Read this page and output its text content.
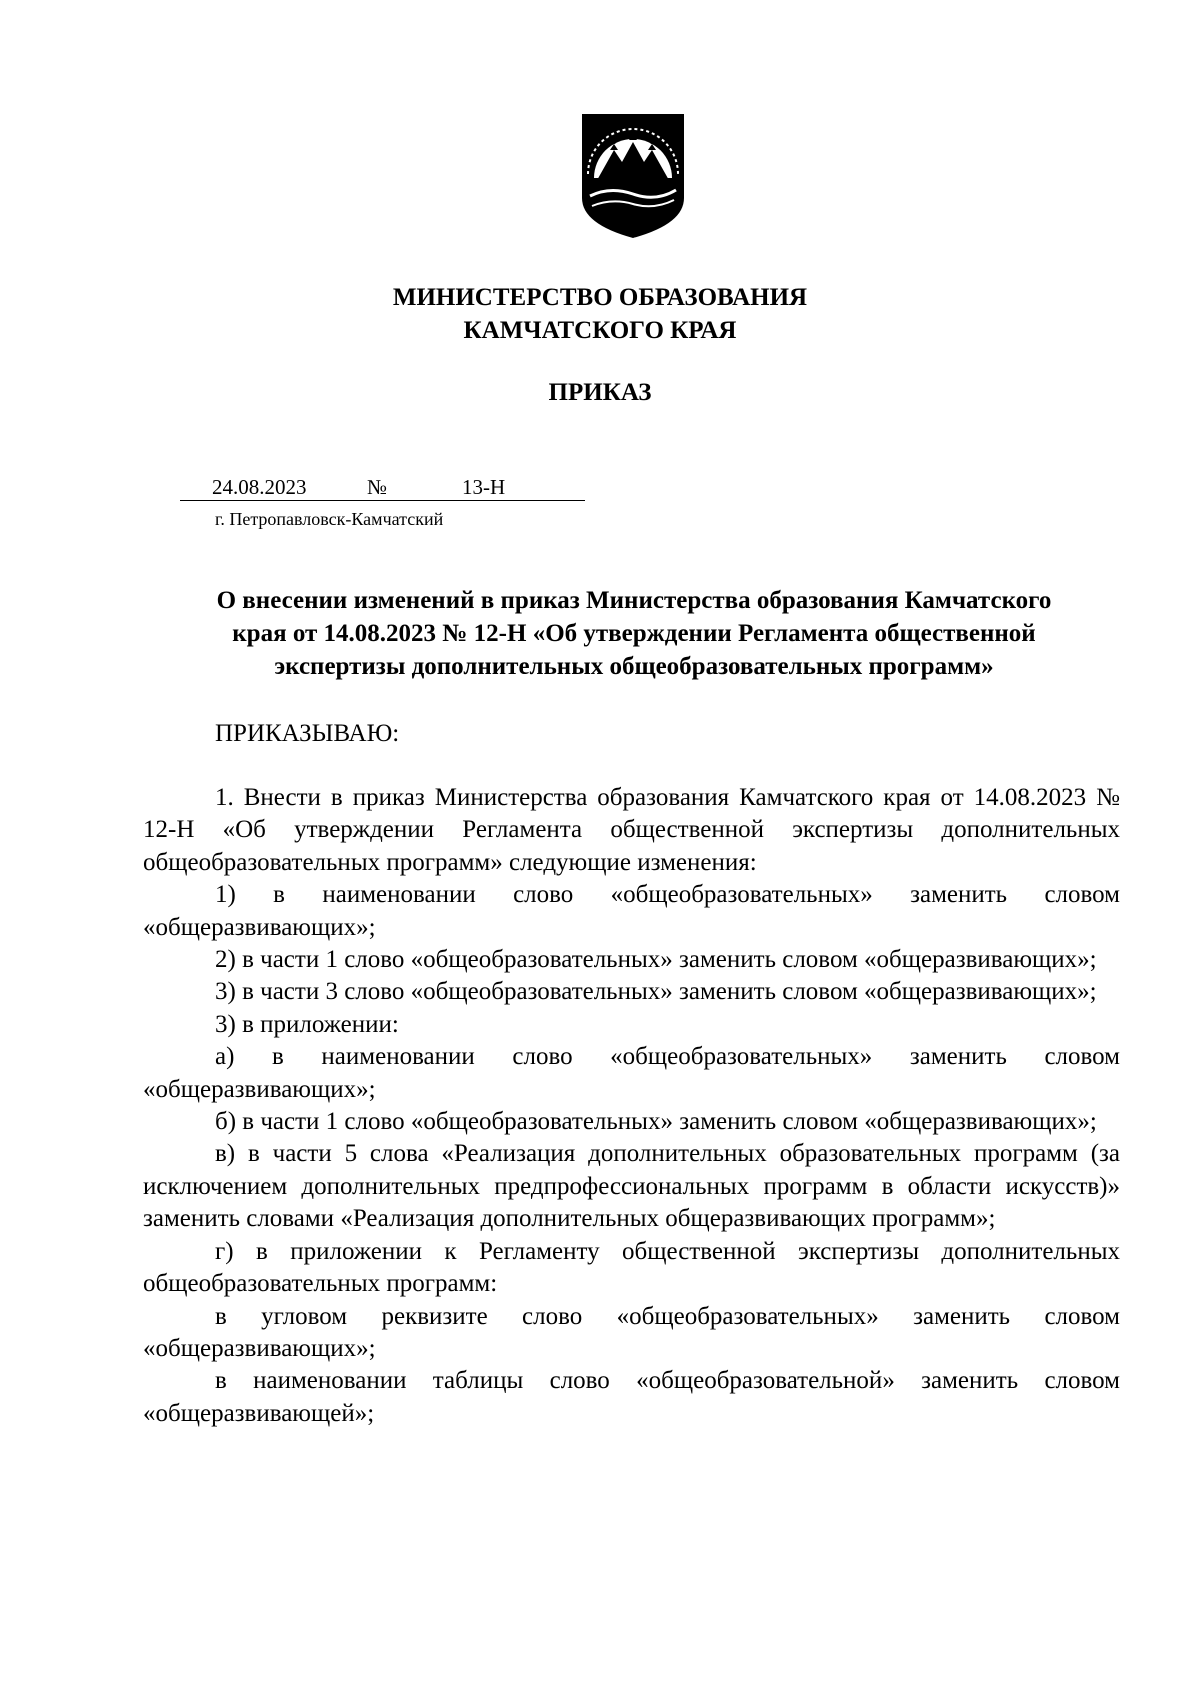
МИНИСТЕРСТВО ОБРАЗОВАНИЯ
КАМЧАТСКОГО КРАЯ
ПРИКАЗ
24.08.2023	№	13-Н
г. Петропавловск-Камчатский
О внесении изменений в приказ Министерства образования Камчатского
края от 14.08.2023 № 12-Н «Об утверждении Регламента общественной
экспертизы дополнительных общеобразовательных программ»
ПРИКАЗЫВАЮ:

1. Внести в приказ Министерства образования Камчатского края от 14.08.2023 № 12-Н «Об утверждении Регламента общественной экспертизы дополнительных общеобразовательных программ» следующие изменения:

1) в наименовании слово «общеобразовательных» заменить словом «общеразвивающих»;

2) в части 1 слово «общеобразовательных» заменить словом «общеразвивающих»;

3) в части 3 слово «общеобразовательных» заменить словом «общеразвивающих»;

3) в приложении:

а) в наименовании слово «общеобразовательных» заменить словом «общеразвивающих»;

б) в части 1 слово «общеобразовательных» заменить словом «общеразвивающих»;

в) в части 5 слова «Реализация дополнительных образовательных программ (за исключением дополнительных предпрофессиональных программ в области искусств)» заменить словами «Реализация дополнительных общеразвивающих программ»;

г) в приложении к Регламенту общественной экспертизы дополнительных общеобразовательных программ:

в угловом реквизите слово «общеобразовательных» заменить словом «общеразвивающих»;

в наименовании таблицы слово «общеобразовательной» заменить словом «общеразвивающей»;
